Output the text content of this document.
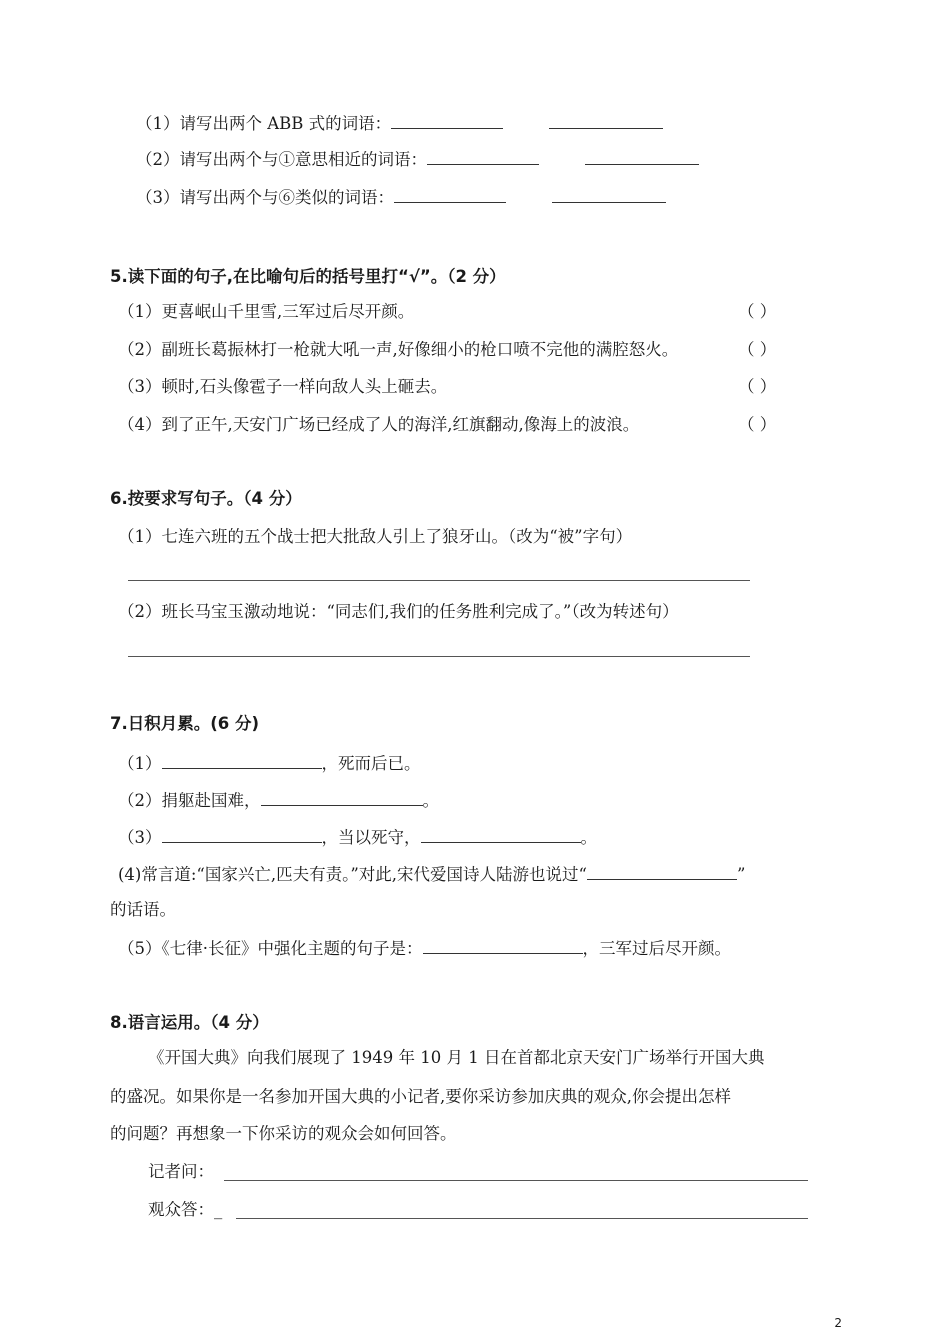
（1）请写出两个 ABB 式的词语：
（2）请写出两个与①意思相近的词语：
（3）请写出两个与⑥类似的词语：
5.读下面的句子,在比喻句后的括号里打“√”。（2 分）
（1）更喜岷山千里雪,三军过后尽开颜。	（ ）
（2）副班长葛振林打一枪就大吼一声,好像细小的枪口喷不完他的满腔怒火。	（ ）
（3）顿时,石头像雹子一样向敌人头上砸去。	（ ）
（4）到了正午,天安门广场已经成了人的海洋,红旗翻动,像海上的波浪。	（ ）
6.按要求写句子。（4 分）
（1）七连六班的五个战士把大批敌人引上了狼牙山。（改为“被”字句）
（2）班长马宝玉激动地说：“同志们,我们的任务胜利完成了。”（改为转述句）
7.日积月累。(6 分)
（1）	，死而后已。
（2）捐躯赴国难，	。
（3）	，当以死守，	。
(4)常言道:“国家兴亡,匹夫有责。”对此,宋代爱国诗人陆游也说过“	”
的话语。
（5）《七律·长征》中强化主题的句子是：	，三军过后尽开颜。
8.语言运用。（4 分）
《开国大典》向我们展现了 1949 年 10 月 1 日在首都北京天安门广场举行开国大典
的盛况。如果你是一名参加开国大典的小记者,要你采访参加庆典的观众,你会提出怎样
的问题？再想象一下你采访的观众会如何回答。
记者问：
观众答：_
2
